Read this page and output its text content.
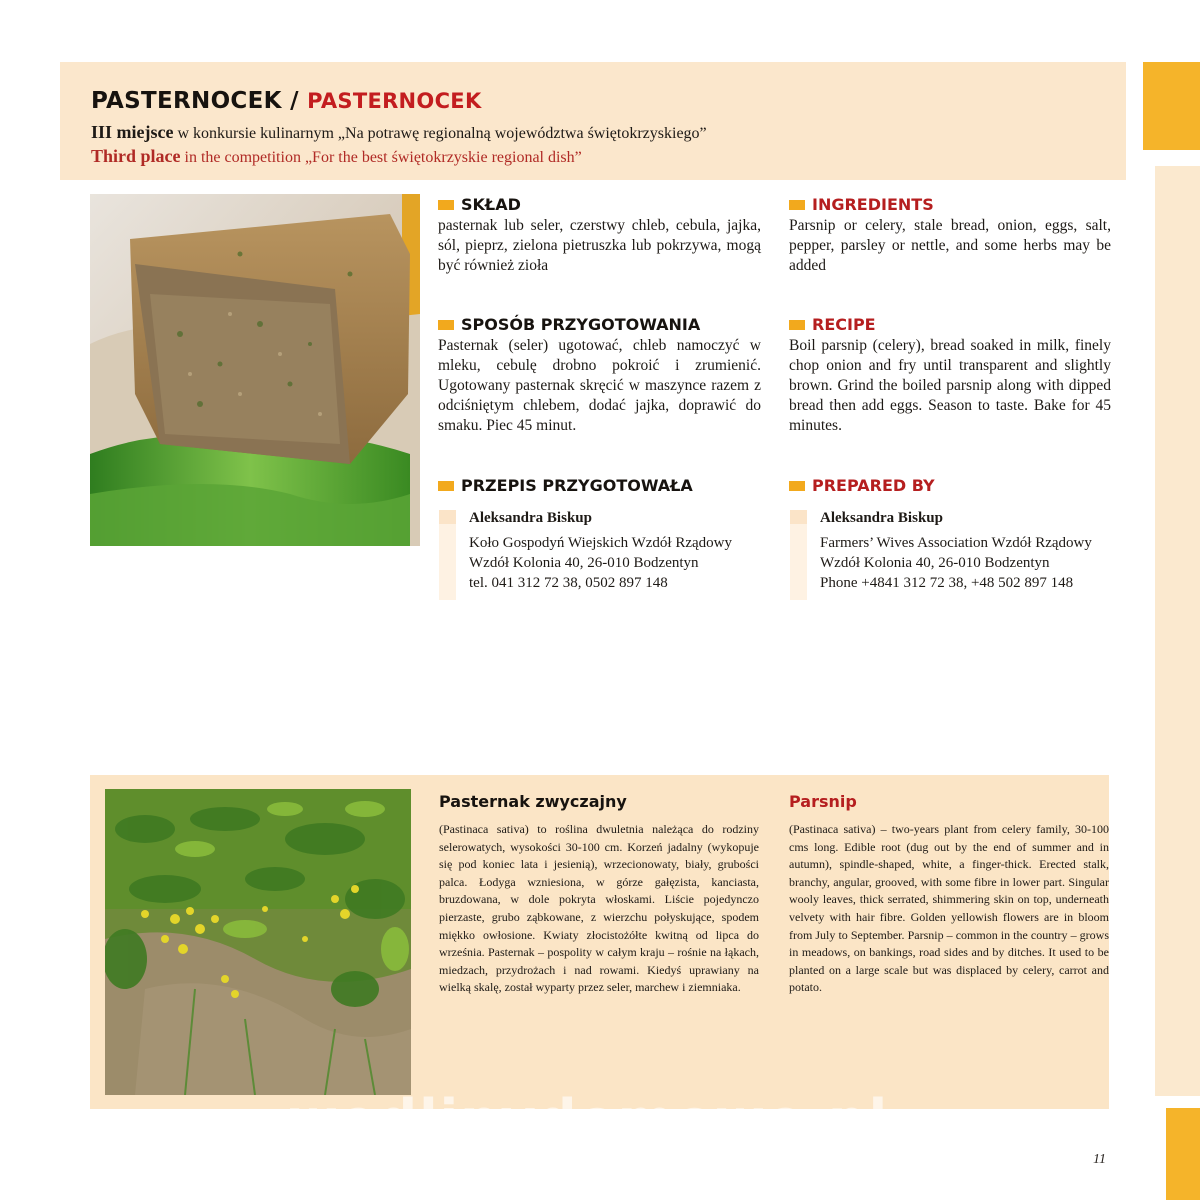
PASTERNOCEK / PASTERNOCEK
III miejsce w konkursie kulinarnym „Na potrawę regionalną województwa świętokrzyskiego”
Third place in the competition „For the best świętokrzyskie regional dish”
SKŁAD
pasternak lub seler, czerstwy chleb, cebula, jajka, sól, pieprz, zielona pietruszka lub pokrzywa, mogą być również zioła
INGREDIENTS
Parsnip or celery, stale bread, onion, eggs, salt, pepper, parsley or nettle, and some herbs may be added
SPOSÓB PRZYGOTOWANIA
Pasternak (seler) ugotować, chleb namoczyć w mleku, cebulę drobno pokroić i zrumienić. Ugotowany pasternak skręcić w maszynce razem z odciśniętym chlebem, dodać jajka, doprawić do smaku. Piec 45 minut.
RECIPE
Boil parsnip (celery), bread soaked in milk, finely chop onion and fry until transparent and slightly brown. Grind the boiled parsnip along with dipped bread then add eggs. Season to taste. Bake for 45 minutes.
PRZEPIS PRZYGOTOWAŁA
Aleksandra Biskup
Koło Gospodyń Wiejskich Wzdół Rządowy
Wzdół Kolonia 40, 26-010 Bodzentyn
tel. 041 312 72 38, 0502 897 148
PREPARED BY
Aleksandra Biskup
Farmers’ Wives Association Wzdół Rządowy
Wzdół Kolonia 40, 26-010 Bodzentyn
Phone +4841 312 72 38, +48 502 897 148
Pasternak zwyczajny	Parsnip
(Pastinaca sativa) to roślina dwuletnia należąca do rodziny selerowatych, wysokości 30-100 cm. Korzeń jadalny (wykopuje się pod koniec lata i jesienią), wrzecionowaty, biały, grubości palca. Łodyga wzniesiona, w górze gałęzista, kanciasta, bruzdowana, w dole pokryta włoskami. Liście pojedynczo pierzaste, grubo ząbkowane, z wierzchu połyskujące, spodem miękko owłosione. Kwiaty złocistożółte kwitną od lipca do września. Pasternak – pospolity w całym kraju – rośnie na łąkach, miedzach, przydrożach i nad rowami. Kiedyś uprawiany na wielką skalę, został wyparty przez seler, marchew i ziemniaka.
(Pastinaca sativa) – two-years plant from celery family, 30-100 cms long. Edible root (dug out by the end of summer and in autumn), spindle-shaped, white, a finger-thick. Erected stalk, branchy, angular, grooved, with some fibre in lower part. Singular wooly leaves, thick serrated, shimmering skin on top, underneath velvety with hair fibre. Golden yellowish flowers are in bloom from July to September. Parsnip – common in the country – grows in meadows, on bankings, road sides and by ditches. It used to be planted on a large scale but was displaced by celery, carrot and potato.
wedlinydomowe.pl
11
